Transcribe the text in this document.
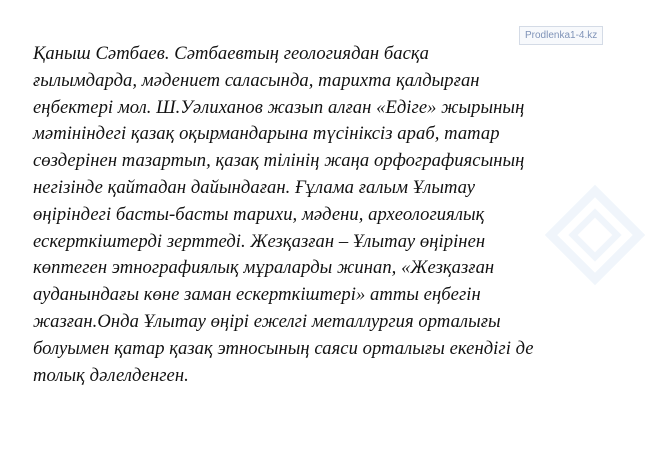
Prodlenka1-4.kz
Қаныш Сәтбаев. Сәтбаевтың геологиядан басқа
ғылымдарда, мәдениет саласында, тарихта қалдырған
еңбектері мол. Ш.Уәлиханов жазып алған «Едіге» жырының
мәтініндегі қазақ оқырмандарына түсініксіз араб, татар
сөздерінен тазартып, қазақ тілінің жаңа орфографиясының
негізінде қайтадан дайындаған. Ғұлама ғалым Ұлытау
өңіріндегі басты-басты тарихи, мәдени, археологиялық
ескерткіштерді зерттеді. Жезқазған – Ұлытау өңірінен
көптеген этнографиялық мұраларды жинап, «Жезқазған
ауданындағы көне заман ескерткіштері» атты еңбегін
жазған.Онда Ұлытау өңірі ежелгі металлургия орталығы
болуымен қатар қазақ этносының саяси орталығы екендігі де
толық дәлелденген.
